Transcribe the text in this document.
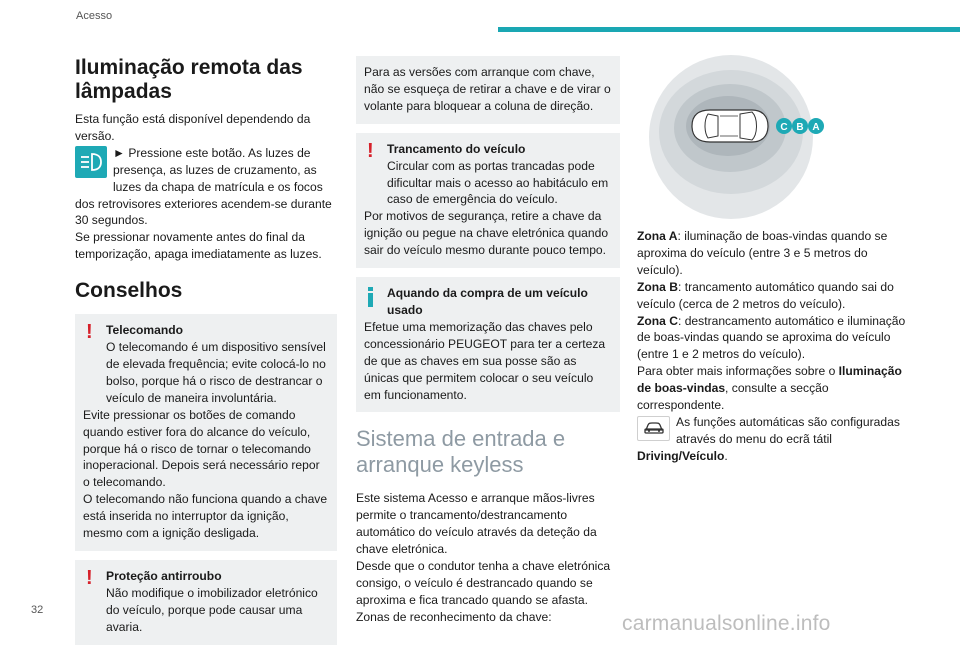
Acesso
Iluminação remota das lâmpadas

Esta função está disponível dependendo da versão.

► Pressione este botão. As luzes de presença, as luzes de cruzamento, as luzes da chapa de matrícula e os focos dos retrovisores exteriores acendem-se durante 30 segundos.

Se pressionar novamente antes do final da temporização, apaga imediatamente as luzes.

Conselhos
!	Telecomando
O telecomando é um dispositivo sensível de elevada frequência; evite colocá-lo no bolso, porque há o risco de destrancar o veículo de maneira involuntária.
Evite pressionar os botões de comando quando estiver fora do alcance do veículo, porque há o risco de tornar o telecomando inoperacional. Depois será necessário repor o telecomando.
O telecomando não funciona quando a chave está inserida no interruptor da ignição, mesmo com a ignição desligada.
!	Proteção antirroubo
Não modifique o imobilizador eletrónico do veículo, porque pode causar uma avaria.
Para as versões com arranque com chave, não se esqueça de retirar a chave e de virar o volante para bloquear a coluna de direção.
!	Trancamento do veículo
Circular com as portas trancadas pode dificultar mais o acesso ao habitáculo em caso de emergência do veículo.
Por motivos de segurança, retire a chave da ignição ou pegue na chave eletrónica quando sair do veículo mesmo durante pouco tempo.
Aquando da compra de um veículo usado
Efetue uma memorização das chaves pelo concessionário PEUGEOT para ter a certeza de que as chaves em sua posse são as únicas que permitem colocar o seu veículo em funcionamento.
Sistema de entrada e arranque keyless

Este sistema Acesso e arranque mãos-livres permite o trancamento/destrancamento automático do veículo através da deteção da chave eletrónica.

Desde que o condutor tenha a chave eletrónica consigo, o veículo é destrancado quando se aproxima e fica trancado quando se afasta.

Zonas de reconhecimento da chave:

C B A

Zona A: iluminação de boas-vindas quando se aproxima do veículo (entre 3 e 5 metros do veículo).

Zona B: trancamento automático quando sai do veículo (cerca de 2 metros do veículo).

Zona C: destrancamento automático e iluminação de boas-vindas quando se aproxima do veículo (entre 1 e 2 metros do veículo).

Para obter mais informações sobre o Iluminação de boas-vindas, consulte a secção correspondente.

As funções automáticas são configuradas através do menu do ecrã tátil Driving/Veículo.
32
carmanualsonline.info
